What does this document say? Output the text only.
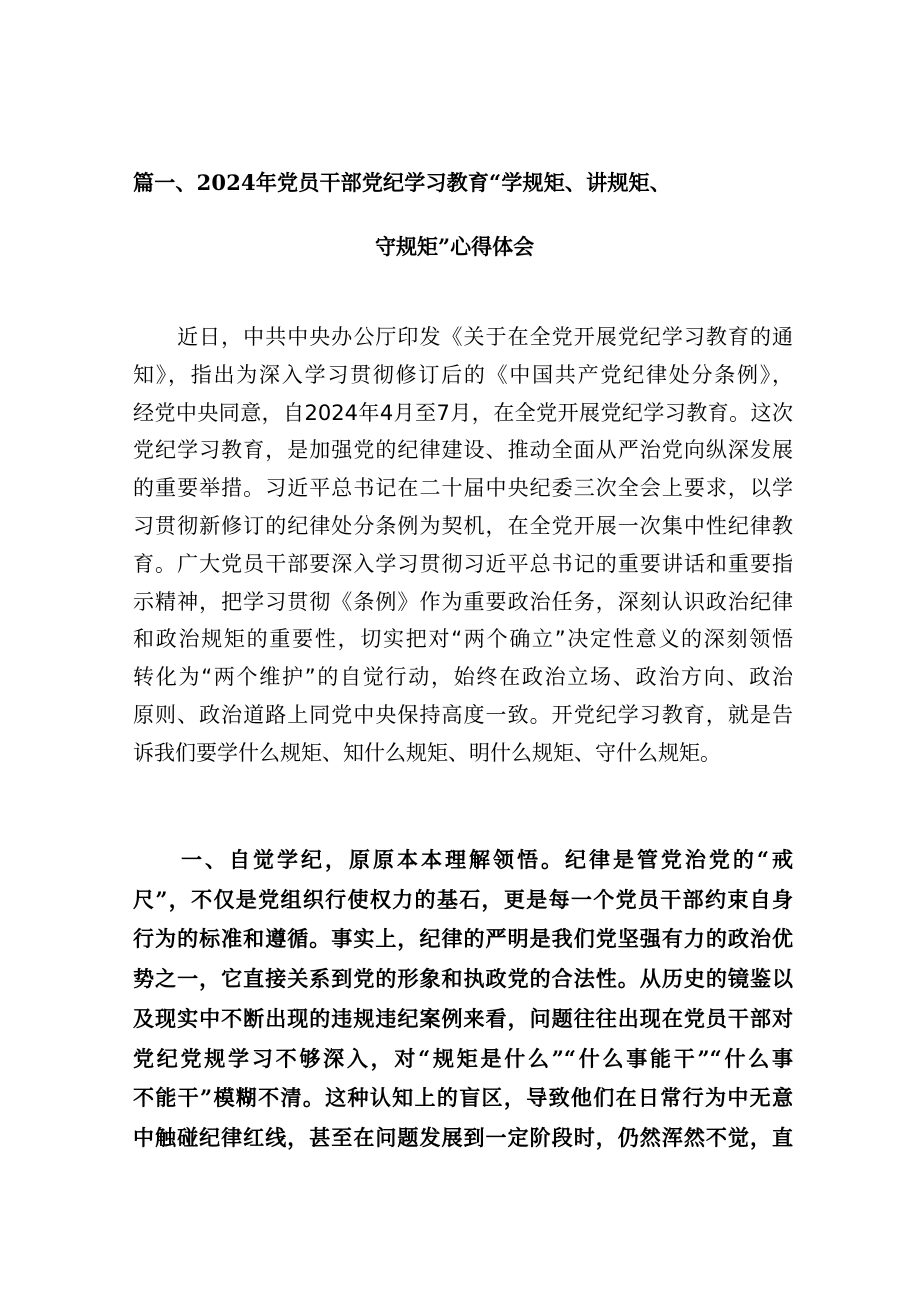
篇一、2024年党员干部党纪学习教育“学规矩、讲规矩、
守规矩”心得体会
　　近日，中共中央办公厅印发《关于在全党开展党纪学习教育的通
知》，指出为深入学习贯彻修订后的《中国共产党纪律处分条例》，
经党中央同意，自2024年4月至7月，在全党开展党纪学习教育。这次
党纪学习教育，是加强党的纪律建设、推动全面从严治党向纵深发展
的重要举措。习近平总书记在二十届中央纪委三次全会上要求，以学
习贯彻新修订的纪律处分条例为契机，在全党开展一次集中性纪律教
育。广大党员干部要深入学习贯彻习近平总书记的重要讲话和重要指
示精神，把学习贯彻《条例》作为重要政治任务，深刻认识政治纪律
和政治规矩的重要性，切实把对“两个确立”决定性意义的深刻领悟
转化为“两个维护”的自觉行动，始终在政治立场、政治方向、政治
原则、政治道路上同党中央保持高度一致。开党纪学习教育，就是告
诉我们要学什么规矩、知什么规矩、明什么规矩、守什么规矩。
　　一、自觉学纪，原原本本理解领悟。纪律是管党治党的“戒
尺”，不仅是党组织行使权力的基石，更是每一个党员干部约束自身
行为的标准和遵循。事实上，纪律的严明是我们党坚强有力的政治优
势之一，它直接关系到党的形象和执政党的合法性。从历史的镜鉴以
及现实中不断出现的违规违纪案例来看，问题往往出现在党员干部对
党纪党规学习不够深入，对“规矩是什么”“什么事能干”“什么事
不能干”模糊不清。这种认知上的盲区，导致他们在日常行为中无意
中触碰纪律红线，甚至在问题发展到一定阶段时，仍然浑然不觉，直
